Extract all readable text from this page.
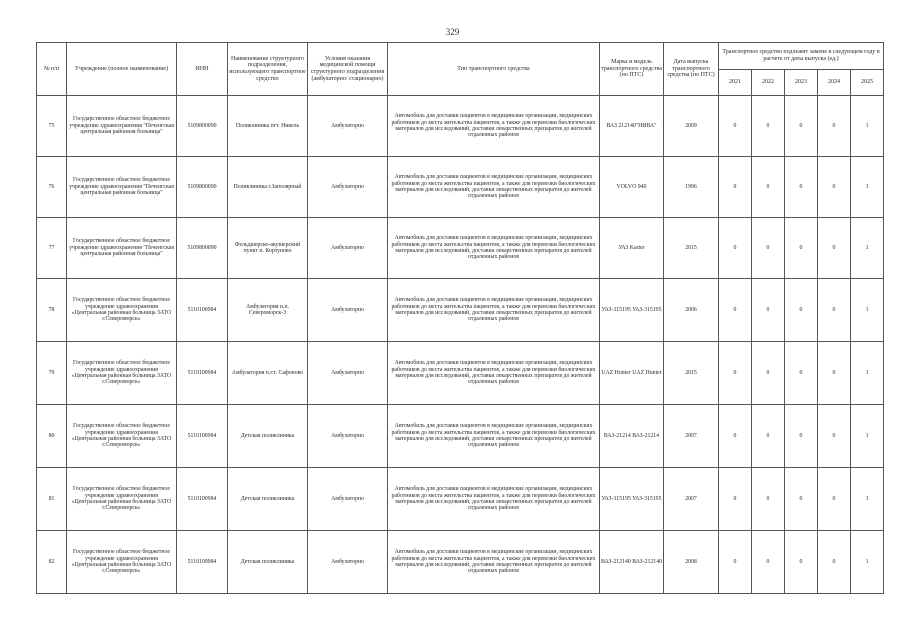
329
№ п/п	Учреждение (полное наименование)	ИНН	Наименование структурного подразделения, использующего транспортное средство	Условия оказания медицинской помощи структурного подразделения (амбулаторно/ стационарно)	Тип транспортного средства	Марка и модель транспортного средства (по ПТС)	Дата выпуска транспортного средства (по ПТС)	Транспортное средство подлежит замене в следующем году в расчете от даты выпуска (ед.)				
								2021	2022	2023	2024	2025
75	Государственное областное бюджетное учреждение здравоохранения "Печенгская центральная районная больница"	5109800090	Поликлиника пгт. Никель	Амбулаторно	Автомобиль для доставки пациентов в медицинские организации, медицинских работников до места жительства пациентов, а также для перевозки биологических материалов для исследований, доставки лекарственных препаратов до жителей отдаленных районов	ВАЗ 212140"НИВА"	2009	0	0	0	0	1
76	Государственное областное бюджетное учреждение здравоохранения "Печенгская центральная районная больница"	5109800090	Поликлиника г.Заполярный	Амбулаторно	Автомобиль для доставки пациентов в медицинские организации, медицинских работников до места жительства пациентов, а также для перевозки биологических материалов для исследований, доставки лекарственных препаратов до жителей отдаленных районов	VOLVO 940	1996	0	0	0	0	1
77	Государственное областное бюджетное учреждение здравоохранения "Печенгская центральная районная больница"	5109800090	Фельдшерско-акушерский пункт п. Корзуново	Амбулаторно	Автомобиль для доставки пациентов в медицинские организации, медицинских работников до места жительства пациентов, а также для перевозки биологических материалов для исследований, доставки лекарственных препаратов до жителей отдаленных районов	УАЗ Karter	2015	0	0	0	0	1
78	Государственное областное бюджетное учреждение здравоохранения «Центральная районная больница ЗАТО г.Североморск»	5110100984	Амбулатория н.п. Североморск-3	Амбулаторно	Автомобиль для доставки пациентов в медицинские организации, медицинских работников до места жительства пациентов, а также для перевозки биологических материалов для исследований, доставки лекарственных препаратов до жителей отдаленных районов	УАЗ-315195 УАЗ-315195	2006	0	0	0	0	1
79	Государственное областное бюджетное учреждение здравоохранения «Центральная районная больница ЗАТО г.Североморск»	5110100984	Амбулатория н.г.т. Сафоново	Амбулаторно	Автомобиль для доставки пациентов в медицинские организации, медицинских работников до места жительства пациентов, а также для перевозки биологических материалов для исследований, доставки лекарственных препаратов до жителей отдаленных районов	UAZ Hunter UAZ Hunter	2015	0	0	0	0	1
80	Государственное областное бюджетное учреждение здравоохранения «Центральная районная больница ЗАТО г.Североморск»	5110100984	Детская поликлиника	Амбулаторно	Автомобиль для доставки пациентов в медицинские организации, медицинских работников до места жительства пациентов, а также для перевозки биологических материалов для исследований, доставки лекарственных препаратов до жителей отдаленных районов	ВАЗ-21214 ВАЗ-21214	2007	0	0	0	0	1
81	Государственное областное бюджетное учреждение здравоохранения «Центральная районная больница ЗАТО г.Североморск»	5110100984	Детская поликлиника	Амбулаторно	Автомобиль для доставки пациентов в медицинские организации, медицинских работников до места жительства пациентов, а также для перевозки биологических материалов для исследований, доставки лекарственных препаратов до жителей отдаленных районов	УАЗ-315195 УАЗ-315195	2007	0	0	0	0	1
82	Государственное областное бюджетное учреждение здравоохранения «Центральная районная больница ЗАТО г.Североморск»	5110100984	Детская поликлиника	Амбулаторно	Автомобиль для доставки пациентов в медицинские организации, медицинских работников до места жительства пациентов, а также для перевозки биологических материалов для исследований, доставки лекарственных препаратов до жителей отдаленных районов	ВАЗ-212140 ВАЗ-212140	2008	0	0	0	0	1
